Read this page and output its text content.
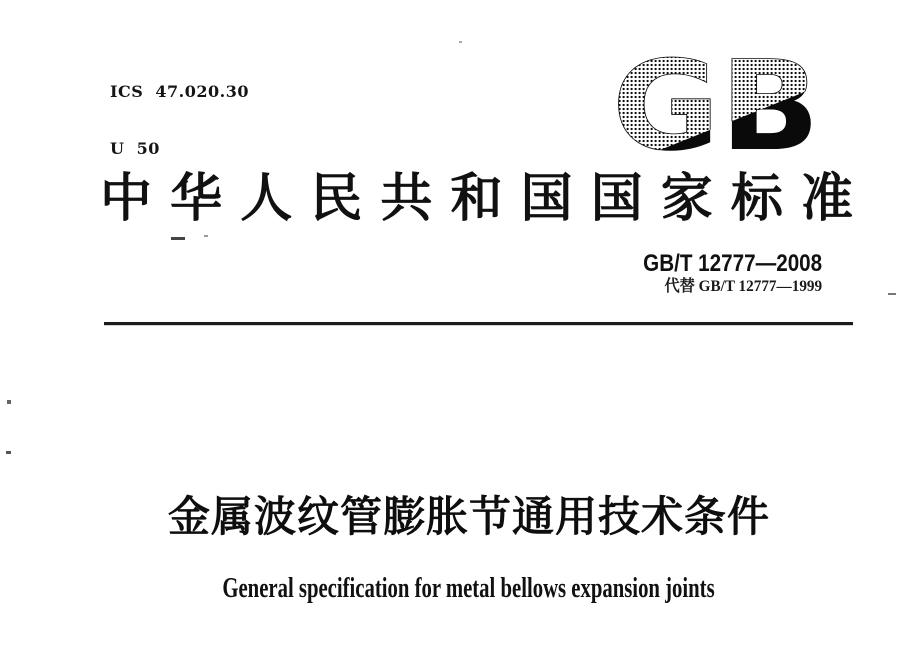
ICS  47.020.30

U  50

中华人民共和国国家标准
GB/T 12777—2008
代替 GB/T 12777—1999
金属波纹管膨胀节通用技术条件
General specification for metal bellows expansion joints
